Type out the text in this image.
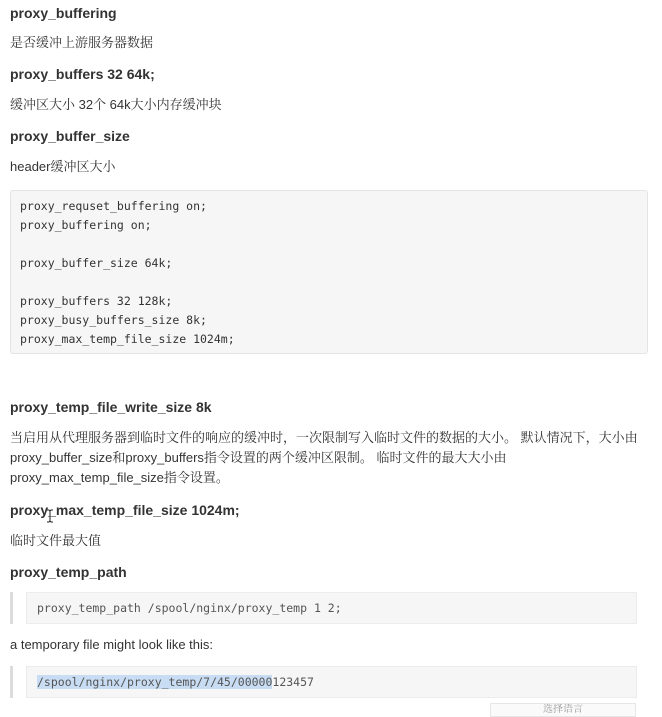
proxy_buffering
是否缓冲上游服务器数据
proxy_buffers 32 64k;
缓冲区大小 32个 64k大小内存缓冲块
proxy_buffer_size
header缓冲区大小
proxy_requset_buffering on;
proxy_buffering on;
proxy_buffer_size 64k;
proxy_buffers 32 128k;
proxy_busy_buffers_size 8k;
proxy_max_temp_file_size 1024m;
proxy_temp_file_write_size 8k
当启用从代理服务器到临时文件的响应的缓冲时，一次限制写入临时文件的数据的大小。 默认情况下，大小由
proxy_buffer_size和proxy_buffers指令设置的两个缓冲区限制。 临时文件的最大大小由
proxy_max_temp_file_size指令设置。
proxy_max_temp_file_size 1024m;
临时文件最大值
proxy_temp_path
proxy_temp_path /spool/nginx/proxy_temp 1 2;
a temporary file might look like this:
/spool/nginx/proxy_temp/7/45/00000123457
选择语言
